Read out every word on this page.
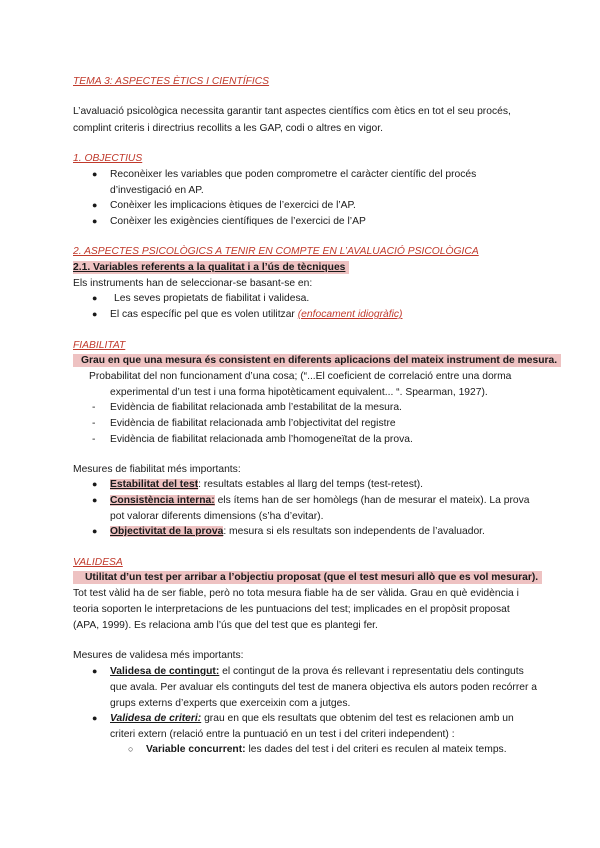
TEMA 3: ASPECTES ÈTICS I CIENTÍFICS
L’avaluació psicològica necessita garantir tant aspectes científics com ètics en tot el seu procés,
complint criteris i directrius recollits a les GAP, codi o altres en vigor.
1. OBJECTIUS
● Reconèixer les variables que poden comprometre el caràcter científic del procés
d’investigació en AP.
● Conèixer les implicacions ètiques de l’exercici de l’AP.
● Conèixer les exigències científiques de l’exercici de l’AP
2. ASPECTES PSICOLÒGICS A TENIR EN COMPTE EN L’AVALUACIÓ PSICOLÒGICA
2.1. Variables referents a la qualitat i a l’ús de tècniques
Els instruments han de seleccionar-se basant-se en:
● Les seves propietats de fiabilitat i validesa.
● El cas específic pel que es volen utilitzar (enfocament idiogràfic)
FIABILITAT
Grau en que una mesura és consistent en diferents aplicacions del mateix instrument de mesura.
Probabilitat del non funcionament d’una cosa; (“...El coeficient de correlació entre una dorma
experimental d’un test i una forma hipotèticament equivalent... “. Spearman, 1927).
- Evidència de fiabilitat relacionada amb l’estabilitat de la mesura.
- Evidència de fiabilitat relacionada amb l’objectivitat del registre
- Evidència de fiabilitat relacionada amb l’homogeneïtat de la prova.
Mesures de fiabilitat més importants:
● Estabilitat del test: resultats estables al llarg del temps (test-retest).
● Consistència interna: els ítems han de ser homòlegs (han de mesurar el mateix). La prova
pot valorar diferents dimensions (s’ha d’evitar).
● Objectivitat de la prova: mesura si els resultats son independents de l’avaluador.
VALIDESA
Utilitat d’un test per arribar a l’objectiu proposat (que el test mesuri allò que es vol mesurar).
Tot test vàlid ha de ser fiable, però no tota mesura fiable ha de ser vàlida. Grau en què evidència i
teoria soporten le interpretacions de les puntuacions del test; implicades en el propòsit proposat
(APA, 1999). Es relaciona amb l’ús que del test que es plantegi fer.
Mesures de validesa més importants:
● Validesa de contingut: el contingut de la prova és rellevant i representatiu dels continguts
que avala. Per avaluar els continguts del test de manera objectiva els autors poden recórrer a
grups externs d’experts que exerceixin com a jutges.
● Validesa de criteri: grau en que els resultats que obtenim del test es relacionen amb un
criteri extern (relació entre la puntuació en un test i del criteri independent) :
○ Variable concurrent: les dades del test i del criteri es reculen al mateix temps.
